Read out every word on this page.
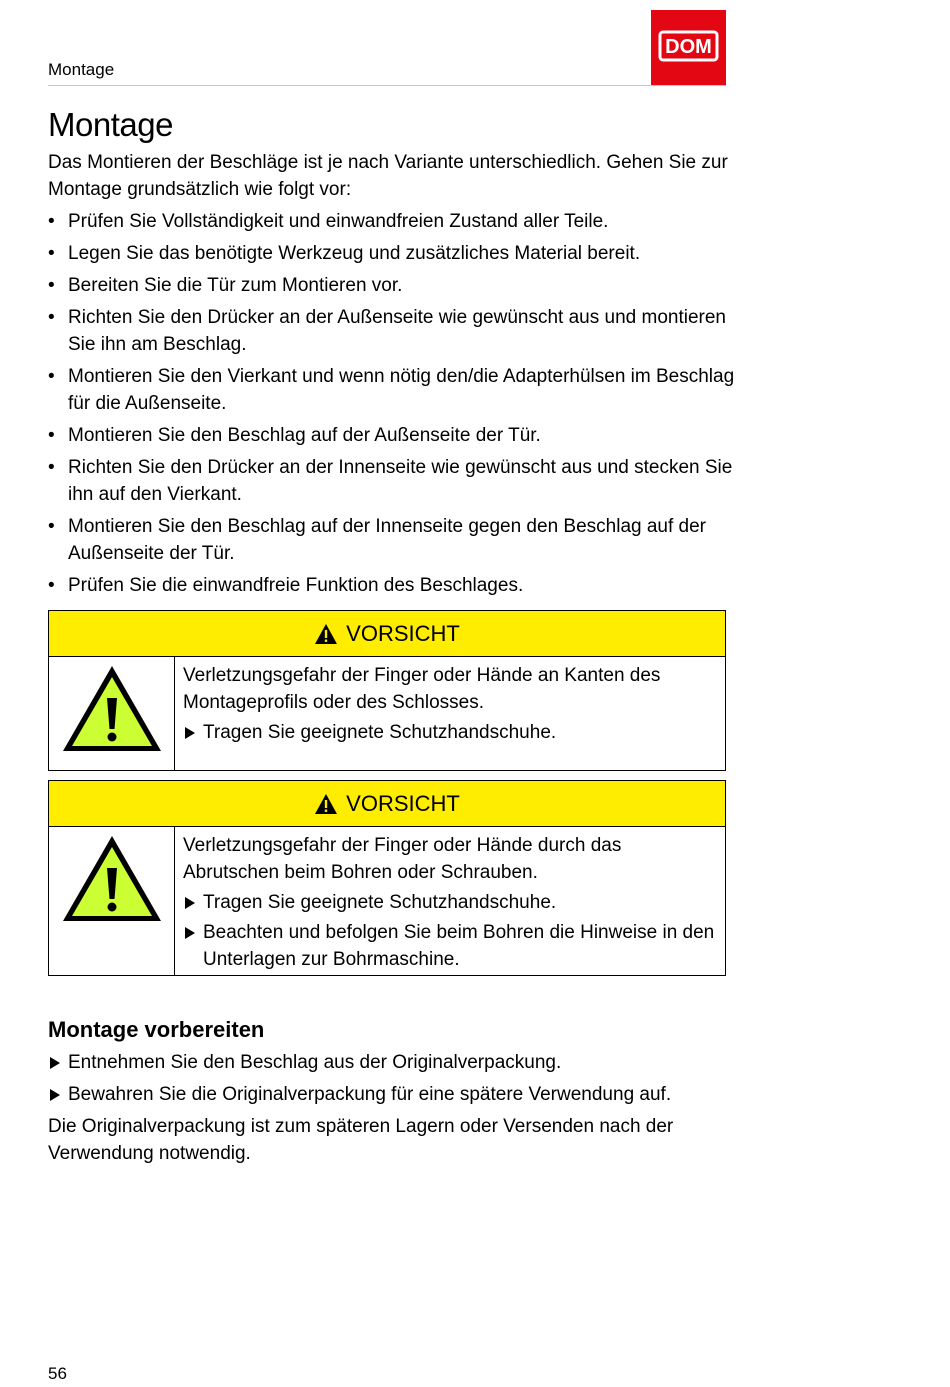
Montage
DOM
Montage
Das Montieren der Beschläge ist je nach Variante unterschiedlich. Gehen Sie zur Montage grundsätzlich wie folgt vor:
• Prüfen Sie Vollständigkeit und einwandfreien Zustand aller Teile.
• Legen Sie das benötigte Werkzeug und zusätzliches Material bereit.
• Bereiten Sie die Tür zum Montieren vor.
• Richten Sie den Drücker an der Außenseite wie gewünscht aus und montieren Sie ihn am Beschlag.
• Montieren Sie den Vierkant und wenn nötig den/die Adapterhülsen im Beschlag für die Außenseite.
• Montieren Sie den Beschlag auf der Außenseite der Tür.
• Richten Sie den Drücker an der Innenseite wie gewünscht aus und stecken Sie ihn auf den Vierkant.
• Montieren Sie den Beschlag auf der Innenseite gegen den Beschlag auf der Außenseite der Tür.
• Prüfen Sie die einwandfreie Funktion des Beschlages.
VORSICHT

Verletzungsgefahr der Finger oder Hände an Kanten des Montageprofils oder des Schlosses.

Tragen Sie geeignete Schutzhandschuhe.
VORSICHT

Verletzungsgefahr der Finger oder Hände durch das Abrutschen beim Bohren oder Schrauben.

Tragen Sie geeignete Schutzhandschuhe.
Beachten und befolgen Sie beim Bohren die Hinweise in den Unterlagen zur Bohrmaschine.
Montage vorbereiten
Entnehmen Sie den Beschlag aus der Originalverpackung.
Bewahren Sie die Originalverpackung für eine spätere Verwendung auf.
Die Originalverpackung ist zum späteren Lagern oder Versenden nach der Verwendung notwendig.
56
